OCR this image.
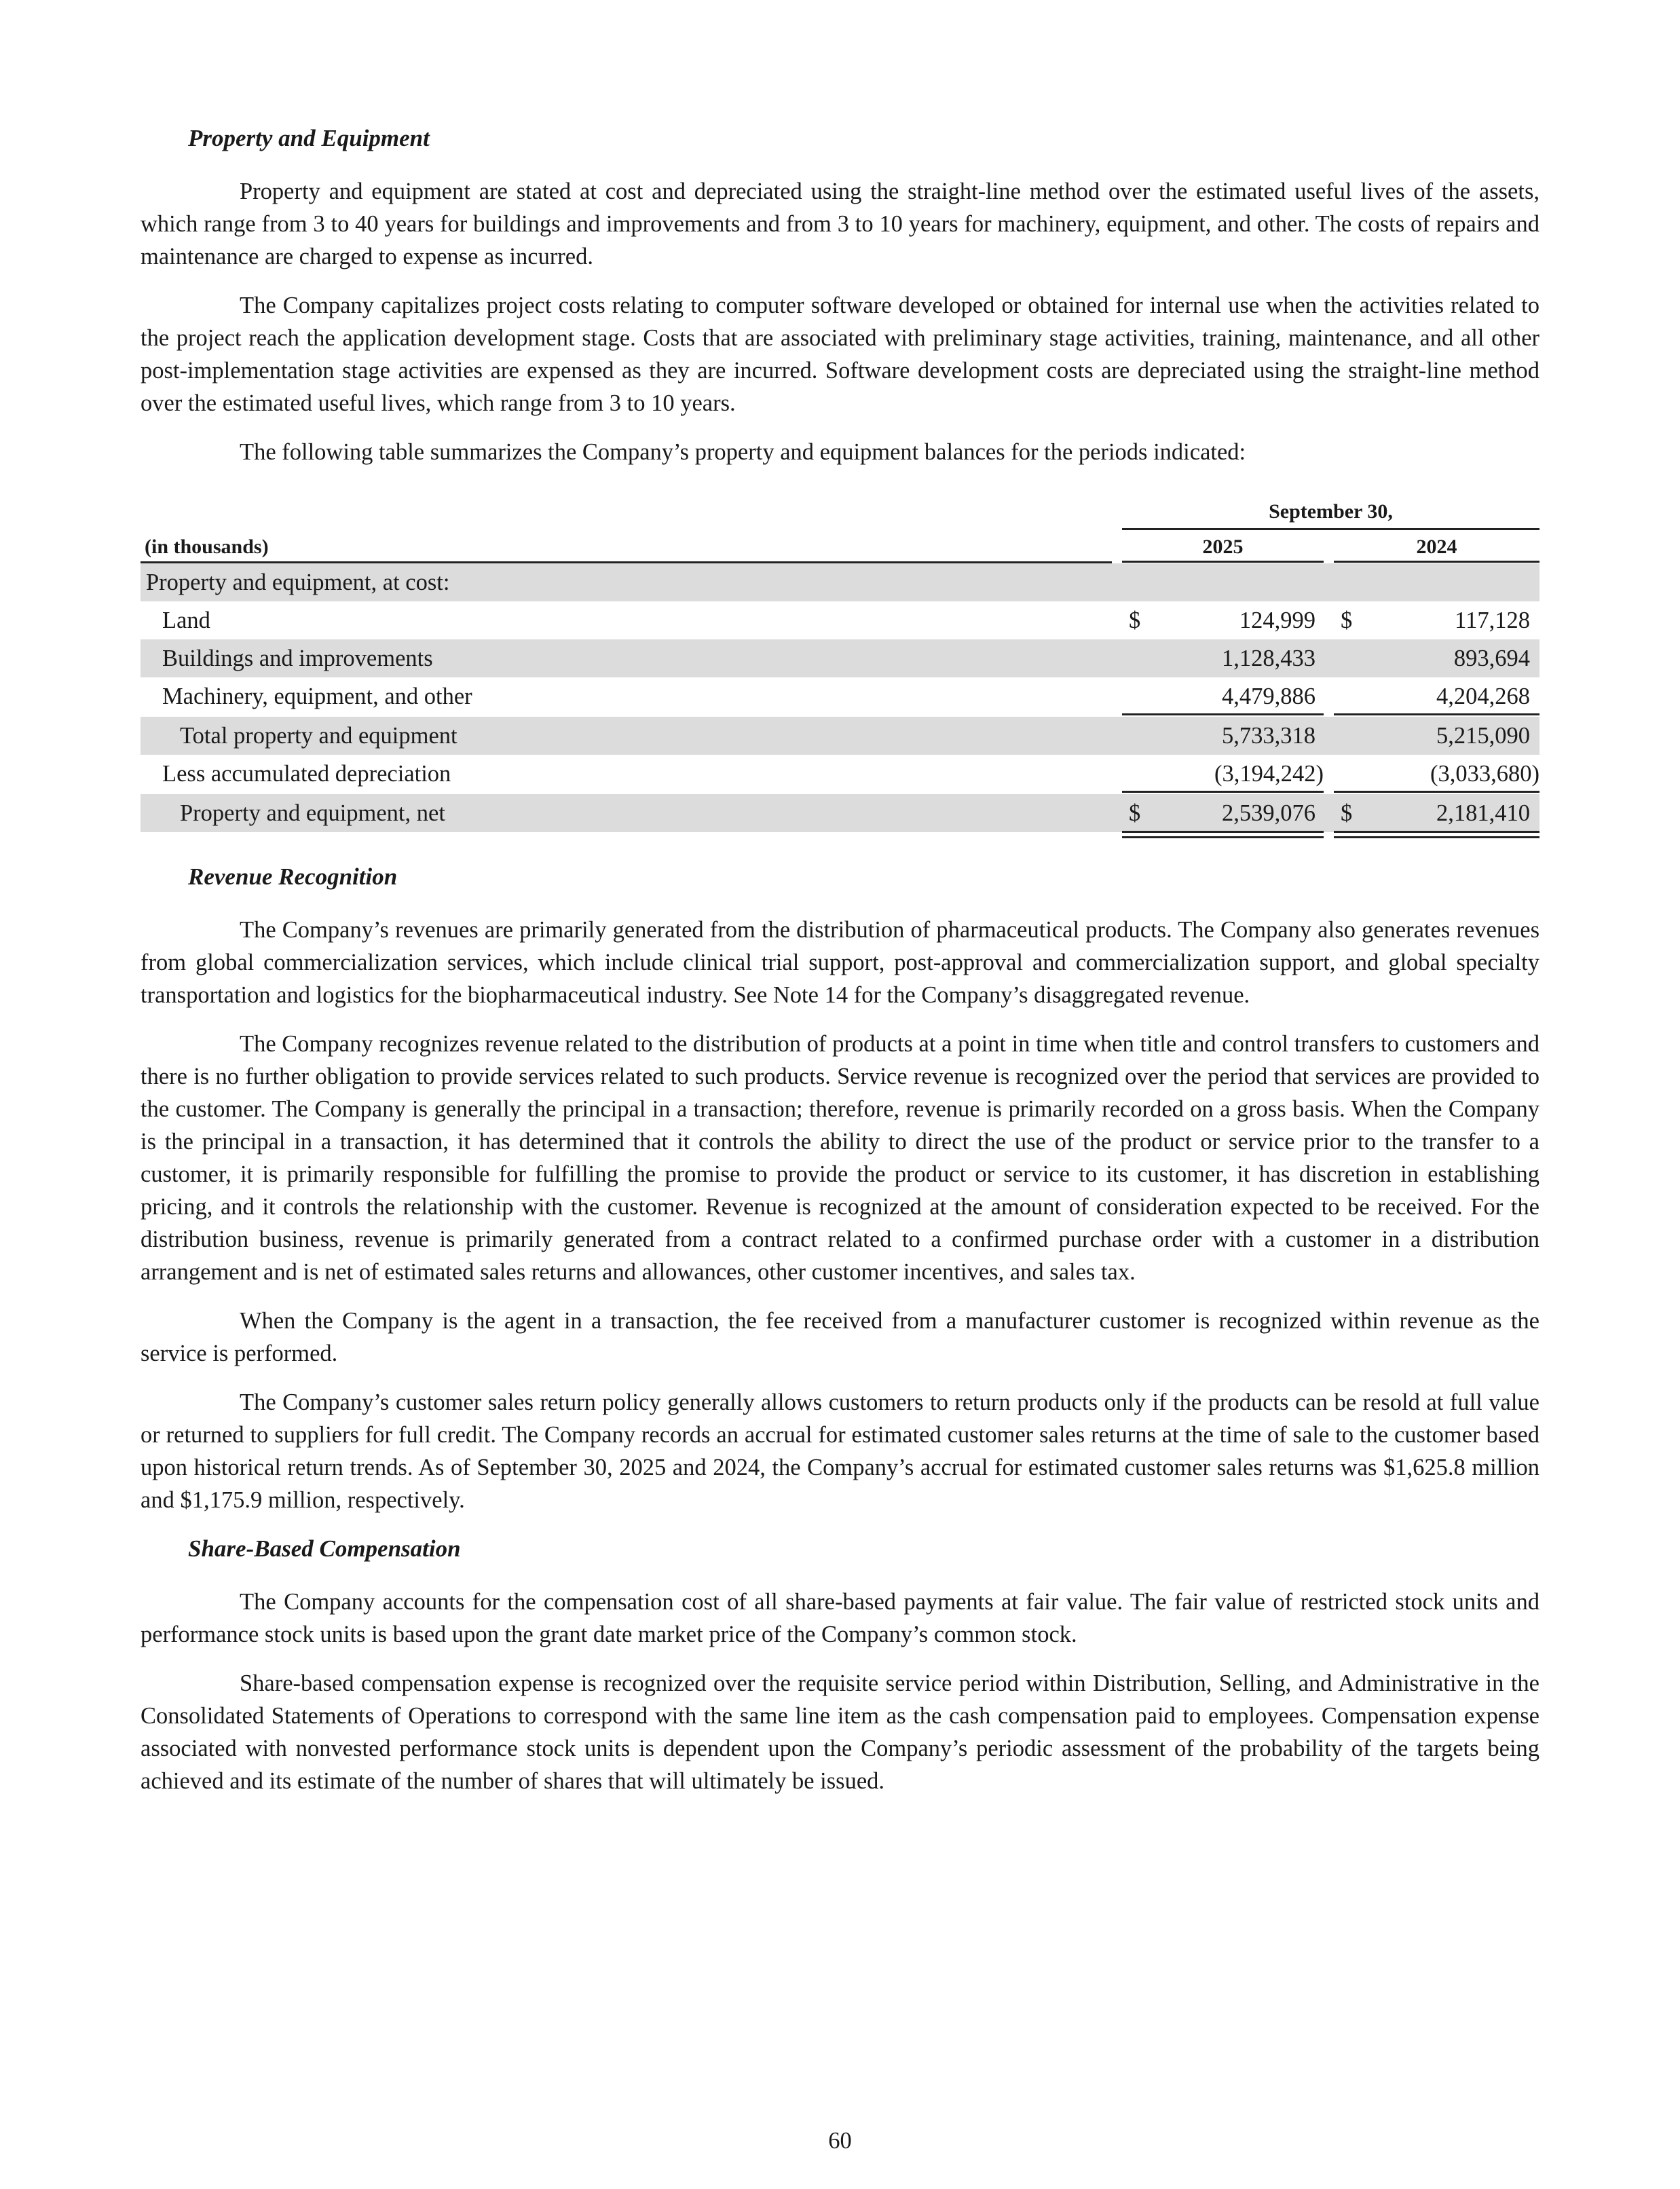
Property and Equipment

Property and equipment are stated at cost and depreciated using the straight-line method over the estimated useful lives of the assets, which range from 3 to 40 years for buildings and improvements and from 3 to 10 years for machinery, equipment, and other. The costs of repairs and maintenance are charged to expense as incurred.

The Company capitalizes project costs relating to computer software developed or obtained for internal use when the activities related to the project reach the application development stage. Costs that are associated with preliminary stage activities, training, maintenance, and all other post-implementation stage activities are expensed as they are incurred. Software development costs are depreciated using the straight-line method over the estimated useful lives, which range from 3 to 10 years.

The following table summarizes the Company’s property and equipment balances for the periods indicated:

September 30,
(in thousands)	2025	2024
Property and equipment, at cost:
Land	$	124,999 $	117,128
Buildings and improvements	1,128,433	893,694
Machinery, equipment, and other	4,479,886	4,204,268
Total property and equipment	5,733,318	5,215,090
Less accumulated depreciation	(3,194,242)	(3,033,680)
Property and equipment, net	$	2,539,076 $	2,181,410
Revenue Recognition

The Company’s revenues are primarily generated from the distribution of pharmaceutical products. The Company also generates revenues from global commercialization services, which include clinical trial support, post-approval and commercialization support, and global specialty transportation and logistics for the biopharmaceutical industry. See Note 14 for the Company’s disaggregated revenue.

The Company recognizes revenue related to the distribution of products at a point in time when title and control transfers to customers and there is no further obligation to provide services related to such products. Service revenue is recognized over the period that services are provided to the customer. The Company is generally the principal in a transaction; therefore, revenue is primarily recorded on a gross basis. When the Company is the principal in a transaction, it has determined that it controls the ability to direct the use of the product or service prior to the transfer to a customer, it is primarily responsible for fulfilling the promise to provide the product or service to its customer, it has discretion in establishing pricing, and it controls the relationship with the customer. Revenue is recognized at the amount of consideration expected to be received. For the distribution business, revenue is primarily generated from a contract related to a confirmed purchase order with a customer in a distribution arrangement and is net of estimated sales returns and allowances, other customer incentives, and sales tax.

When the Company is the agent in a transaction, the fee received from a manufacturer customer is recognized within revenue as the service is performed.

The Company’s customer sales return policy generally allows customers to return products only if the products can be resold at full value or returned to suppliers for full credit. The Company records an accrual for estimated customer sales returns at the time of sale to the customer based upon historical return trends. As of September 30, 2025 and 2024, the Company’s accrual for estimated customer sales returns was $1,625.8 million and $1,175.9 million, respectively.

Share-Based Compensation

The Company accounts for the compensation cost of all share-based payments at fair value. The fair value of restricted stock units and performance stock units is based upon the grant date market price of the Company’s common stock.

Share-based compensation expense is recognized over the requisite service period within Distribution, Selling, and Administrative in the Consolidated Statements of Operations to correspond with the same line item as the cash compensation paid to employees. Compensation expense associated with nonvested performance stock units is dependent upon the Company’s periodic assessment of the probability of the targets being achieved and its estimate of the number of shares that will ultimately be issued.

60
